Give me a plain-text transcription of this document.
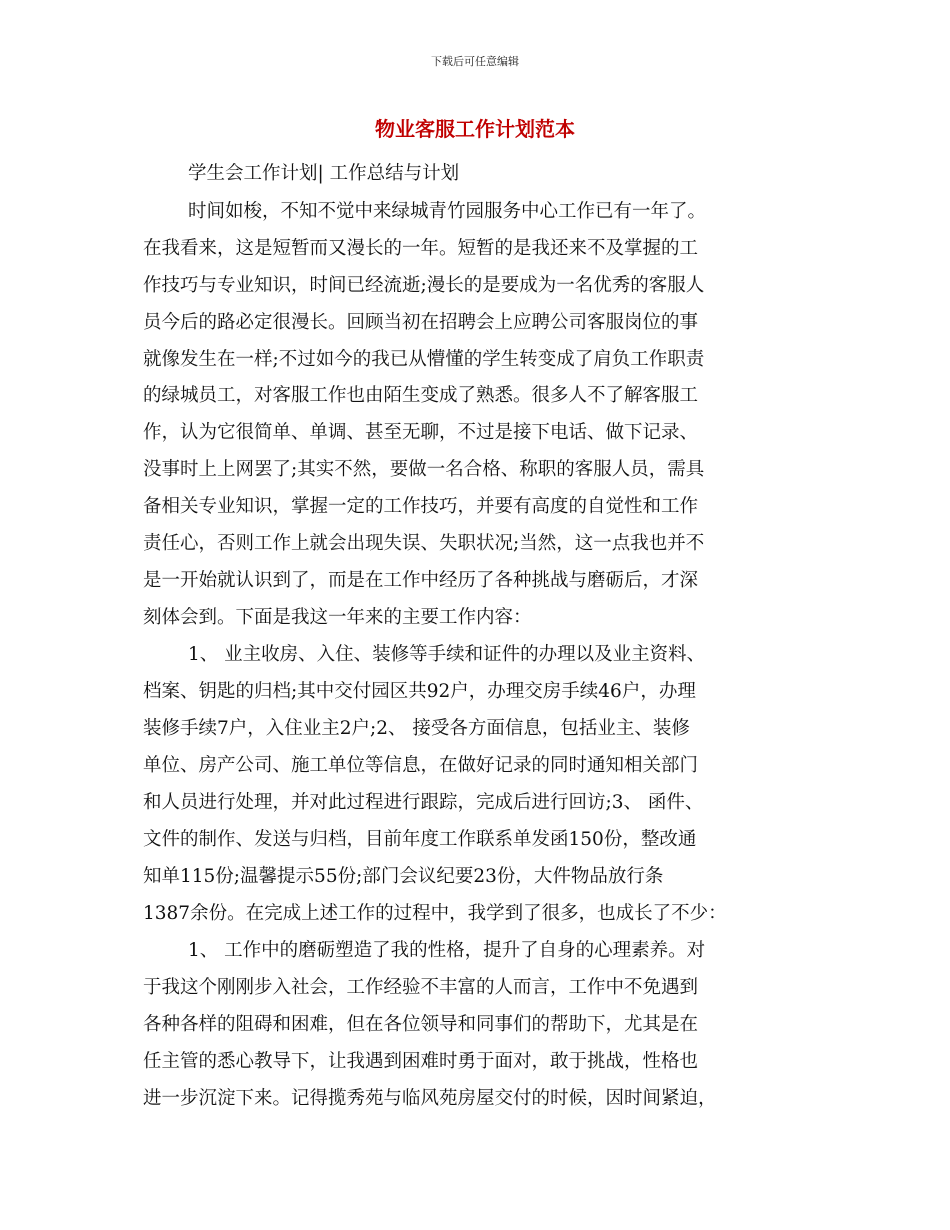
下载后可任意编辑
物业客服工作计划范本
学生会工作计划| 工作总结与计划
时间如梭，不知不觉中来绿城青竹园服务中心工作已有一年了。
在我看来，这是短暂而又漫长的一年。短暂的是我还来不及掌握的工
作技巧与专业知识，时间已经流逝;漫长的是要成为一名优秀的客服人
员今后的路必定很漫长。回顾当初在招聘会上应聘公司客服岗位的事
就像发生在一样;不过如今的我已从懵懂的学生转变成了肩负工作职责
的绿城员工，对客服工作也由陌生变成了熟悉。很多人不了解客服工
作，认为它很简单、单调、甚至无聊，不过是接下电话、做下记录、
没事时上上网罢了;其实不然，要做一名合格、称职的客服人员，需具
备相关专业知识，掌握一定的工作技巧，并要有高度的自觉性和工作
责任心，否则工作上就会出现失误、失职状况;当然，这一点我也并不
是一开始就认识到了，而是在工作中经历了各种挑战与磨砺后，才深
刻体会到。下面是我这一年来的主要工作内容：
1、 业主收房、入住、装修等手续和证件的办理以及业主资料、
档案、钥匙的归档;其中交付园区共92户，办理交房手续46户，办理
装修手续7户，入住业主2户;2、 接受各方面信息，包括业主、装修
单位、房产公司、施工单位等信息，在做好记录的同时通知相关部门
和人员进行处理，并对此过程进行跟踪，完成后进行回访;3、 函件、
文件的制作、发送与归档，目前年度工作联系单发函150份，整改通
知单115份;温馨提示55份;部门会议纪要23份，大件物品放行条
1387余份。在完成上述工作的过程中，我学到了很多，也成长了不少：
1、 工作中的磨砺塑造了我的性格，提升了自身的心理素养。对
于我这个刚刚步入社会，工作经验不丰富的人而言，工作中不免遇到
各种各样的阻碍和困难，但在各位领导和同事们的帮助下，尤其是在
任主管的悉心教导下，让我遇到困难时勇于面对，敢于挑战，性格也
进一步沉淀下来。记得揽秀苑与临风苑房屋交付的时候，因时间紧迫，
